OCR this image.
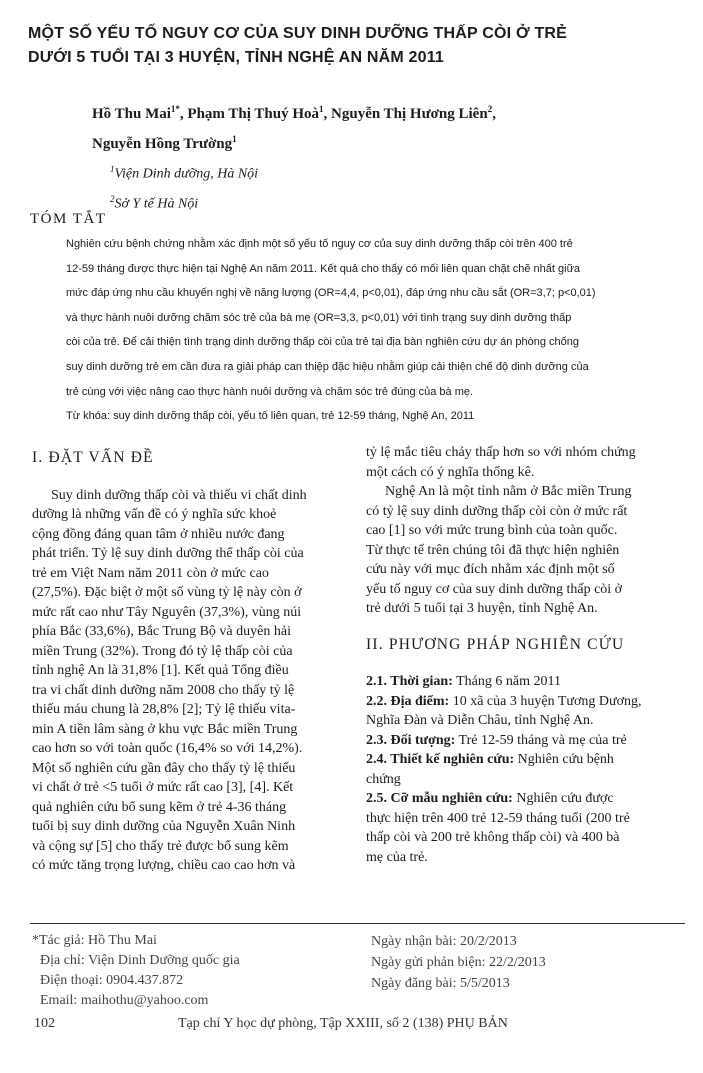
MỘT SỐ YẾU TỐ NGUY CƠ CỦA SUY DINH DƯỠNG THẤP CÒI Ở TRẺ
DƯỚI 5 TUỔI TẠI 3 HUYỆN, TỈNH NGHỆ AN NĂM 2011
Hồ Thu Mai$^{1*}$, Phạm Thị Thuý Hoà$^1$, Nguyễn Thị Hương Liên$^2$,
Nguyễn Hồng Trường$^1$
$^1$Viện Dinh dưỡng, Hà Nội
$^2$Sở Y tế Hà Nội
TÓM TẮT
Nghiên cứu bệnh chứng nhằm xác định một số yếu tố nguy cơ của suy dinh dưỡng thấp còi trên 400 trẻ
12-59 tháng được thực hiện tại Nghệ An năm 2011. Kết quả cho thấy có mối liên quan chặt chẽ nhất giữa
mức đáp ứng nhu cầu khuyến nghị về năng lượng (OR=4,4, p<0,01), đáp ứng nhu cầu sắt (OR=3,7; p<0,01)
và thực hành nuôi dưỡng chăm sóc trẻ của bà mẹ (OR=3,3, p<0,01) với tình trạng suy dinh dưỡng thấp
còi của trẻ. Để cải thiện tình trạng dinh dưỡng thấp còi của trẻ tại địa bàn nghiên cứu dự án phòng chống
suy dinh dưỡng trẻ em cần đưa ra giải pháp can thiệp đặc hiệu nhằm giúp cải thiện chế độ dinh dưỡng của
trẻ cùng với việc nâng cao thực hành nuôi dưỡng và chăm sóc trẻ đúng của bà mẹ.
Từ khóa: suy dinh dưỡng thấp còi, yếu tố liên quan, trẻ 12-59 tháng, Nghệ An, 2011
I. ĐẶT VẤN ĐỀ
Suy dinh dưỡng thấp còi và thiếu vi chất dinh
dưỡng là những vấn đề có ý nghĩa sức khoẻ
cộng đồng đáng quan tâm ở nhiều nước đang
phát triển. Tỷ lệ suy dinh dưỡng thể thấp còi của
trẻ em Việt Nam năm 2011 còn ở mức cao
(27,5%). Đặc biệt ở một số vùng tỷ lệ này còn ở
mức rất cao như Tây Nguyên (37,3%), vùng núi
phía Bắc (33,6%), Bắc Trung Bộ và duyên hải
miền Trung (32%). Trong đó tỷ lệ thấp còi của
tỉnh nghệ An là 31,8% [1]. Kết quả Tổng điều
tra vi chất dinh dưỡng năm 2008 cho thấy tỷ lệ
thiếu máu chung là 28,8% [2]; Tỷ lệ thiếu vita-
min A tiền lâm sàng ở khu vực Bắc miền Trung
cao hơn so với toàn quốc (16,4% so với 14,2%).
Một số nghiên cứu gần đây cho thấy tỷ lệ thiếu
vi chất ở trẻ <5 tuổi ở mức rất cao [3], [4]. Kết
quả nghiên cứu bổ sung kẽm ở trẻ 4-36 tháng
tuổi bị suy dinh dưỡng của Nguyễn Xuân Ninh
và cộng sự [5] cho thấy trẻ được bổ sung kẽm
có mức tăng trọng lượng, chiều cao cao hơn và
tỷ lệ mắc tiêu chảy thấp hơn so với nhóm chứng
một cách có ý nghĩa thống kê.
Nghệ An là một tỉnh nằm ở Bắc miền Trung
có tỷ lệ suy dinh dưỡng thấp còi còn ở mức rất
cao [1] so với mức trung bình của toàn quốc.
Từ thực tế trên chúng tôi đã thực hiện nghiên
cứu này với mục đích nhằm xác định một số
yếu tố nguy cơ của suy dinh dưỡng thấp còi ở
trẻ dưới 5 tuổi tại 3 huyện, tỉnh Nghệ An.
II. PHƯƠNG PHÁP NGHIÊN CỨU
2.1. Thời gian: Tháng 6 năm 2011
2.2. Địa điểm: 10 xã của 3 huyện Tương Dương,
Nghĩa Đàn và Diễn Châu, tỉnh Nghệ An.
2.3. Đối tượng: Trẻ 12-59 tháng và mẹ của trẻ
2.4. Thiết kế nghiên cứu: Nghiên cứu bệnh
chứng
2.5. Cỡ mẫu nghiên cứu: Nghiên cứu được
thực hiện trên 400 trẻ 12-59 tháng tuổi (200 trẻ
thấp còi và 200 trẻ không thấp còi) và 400 bà
mẹ của trẻ.
*Tác giả: Hồ Thu Mai
Địa chỉ: Viện Dinh Dưỡng quốc gia
Điện thoại: 0904.437.872
Email: maihothu@yahoo.com
Ngày nhận bài: 20/2/2013
Ngày gửi phản biện: 22/2/2013
Ngày đăng bài: 5/5/2013
102	Tạp chí Y học dự phòng, Tập XXIII, số 2 (138) PHỤ BẢN
